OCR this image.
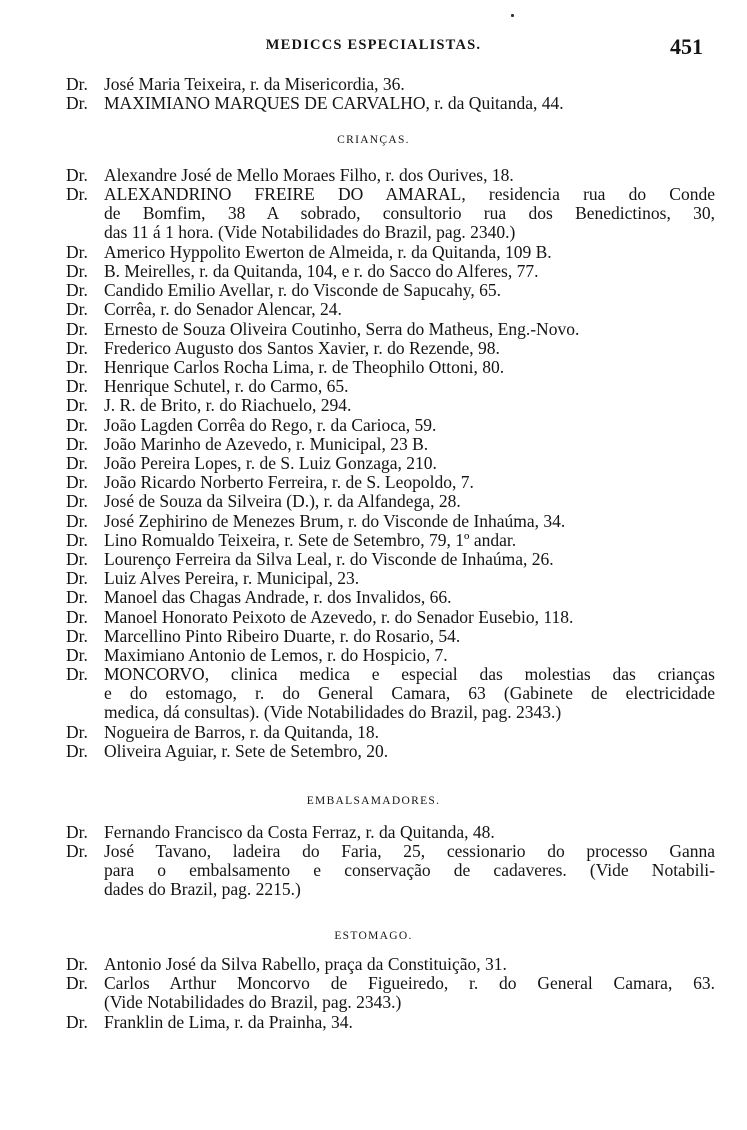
MEDICCS ESPECIALISTAS.	451
Dr. José Maria Teixeira, r. da Misericordia, 36.
Dr. MAXIMIANO MARQUES DE CARVALHO, r. da Quitanda, 44.
CRIANÇAS.
Dr. Alexandre José de Mello Moraes Filho, r. dos Ourives, 18.
Dr. ALEXANDRINO FREIRE DO AMARAL, residencia rua do Conde
de Bomfim, 38 A sobrado, consultorio rua dos Benedictinos, 30,
das 11 á 1 hora. (Vide Notabilidades do Brazil, pag. 2340.)
Dr. Americo Hyppolito Ewerton de Almeida, r. da Quitanda, 109 B.
Dr. B. Meirelles, r. da Quitanda, 104, e r. do Sacco do Alferes, 77.
Dr. Candido Emilio Avellar, r. do Visconde de Sapucahy, 65.
Dr. Corrêa, r. do Senador Alencar, 24.
Dr. Ernesto de Souza Oliveira Coutinho, Serra do Matheus, Eng.-Novo.
Dr. Frederico Augusto dos Santos Xavier, r. do Rezende, 98.
Dr. Henrique Carlos Rocha Lima, r. de Theophilo Ottoni, 80.
Dr. Henrique Schutel, r. do Carmo, 65.
Dr. J. R. de Brito, r. do Riachuelo, 294.
Dr. João Lagden Corrêa do Rego, r. da Carioca, 59.
Dr. João Marinho de Azevedo, r. Municipal, 23 B.
Dr. João Pereira Lopes, r. de S. Luiz Gonzaga, 210.
Dr. João Ricardo Norberto Ferreira, r. de S. Leopoldo, 7.
Dr. José de Souza da Silveira (D.), r. da Alfandega, 28.
Dr. José Zephirino de Menezes Brum, r. do Visconde de Inhaúma, 34.
Dr. Lino Romualdo Teixeira, r. Sete de Setembro, 79, 1º andar.
Dr. Lourenço Ferreira da Silva Leal, r. do Visconde de Inhaúma, 26.
Dr. Luiz Alves Pereira, r. Municipal, 23.
Dr. Manoel das Chagas Andrade, r. dos Invalidos, 66.
Dr. Manoel Honorato Peixoto de Azevedo, r. do Senador Eusebio, 118.
Dr. Marcellino Pinto Ribeiro Duarte, r. do Rosario, 54.
Dr. Maximiano Antonio de Lemos, r. do Hospicio, 7.
Dr. MONCORVO, clinica medica e especial das molestias das crianças
e do estomago, r. do General Camara, 63 (Gabinete de electricidade
medica, dá consultas). (Vide Notabilidades do Brazil, pag. 2343.)
Dr. Nogueira de Barros, r. da Quitanda, 18.
Dr. Oliveira Aguiar, r. Sete de Setembro, 20.
EMBALSAMADORES.
Dr. Fernando Francisco da Costa Ferraz, r. da Quitanda, 48.
Dr. José Tavano, ladeira do Faria, 25, cessionario do processo Ganna
para o embalsamento e conservação de cadaveres. (Vide Notabili-
dades do Brazil, pag. 2215.)
ESTOMAGO.
Dr. Antonio José da Silva Rabello, praça da Constituição, 31.
Dr. Carlos Arthur Moncorvo de Figueiredo, r. do General Camara, 63.
(Vide Notabilidades do Brazil, pag. 2343.)
Dr. Franklin de Lima, r. da Prainha, 34.
